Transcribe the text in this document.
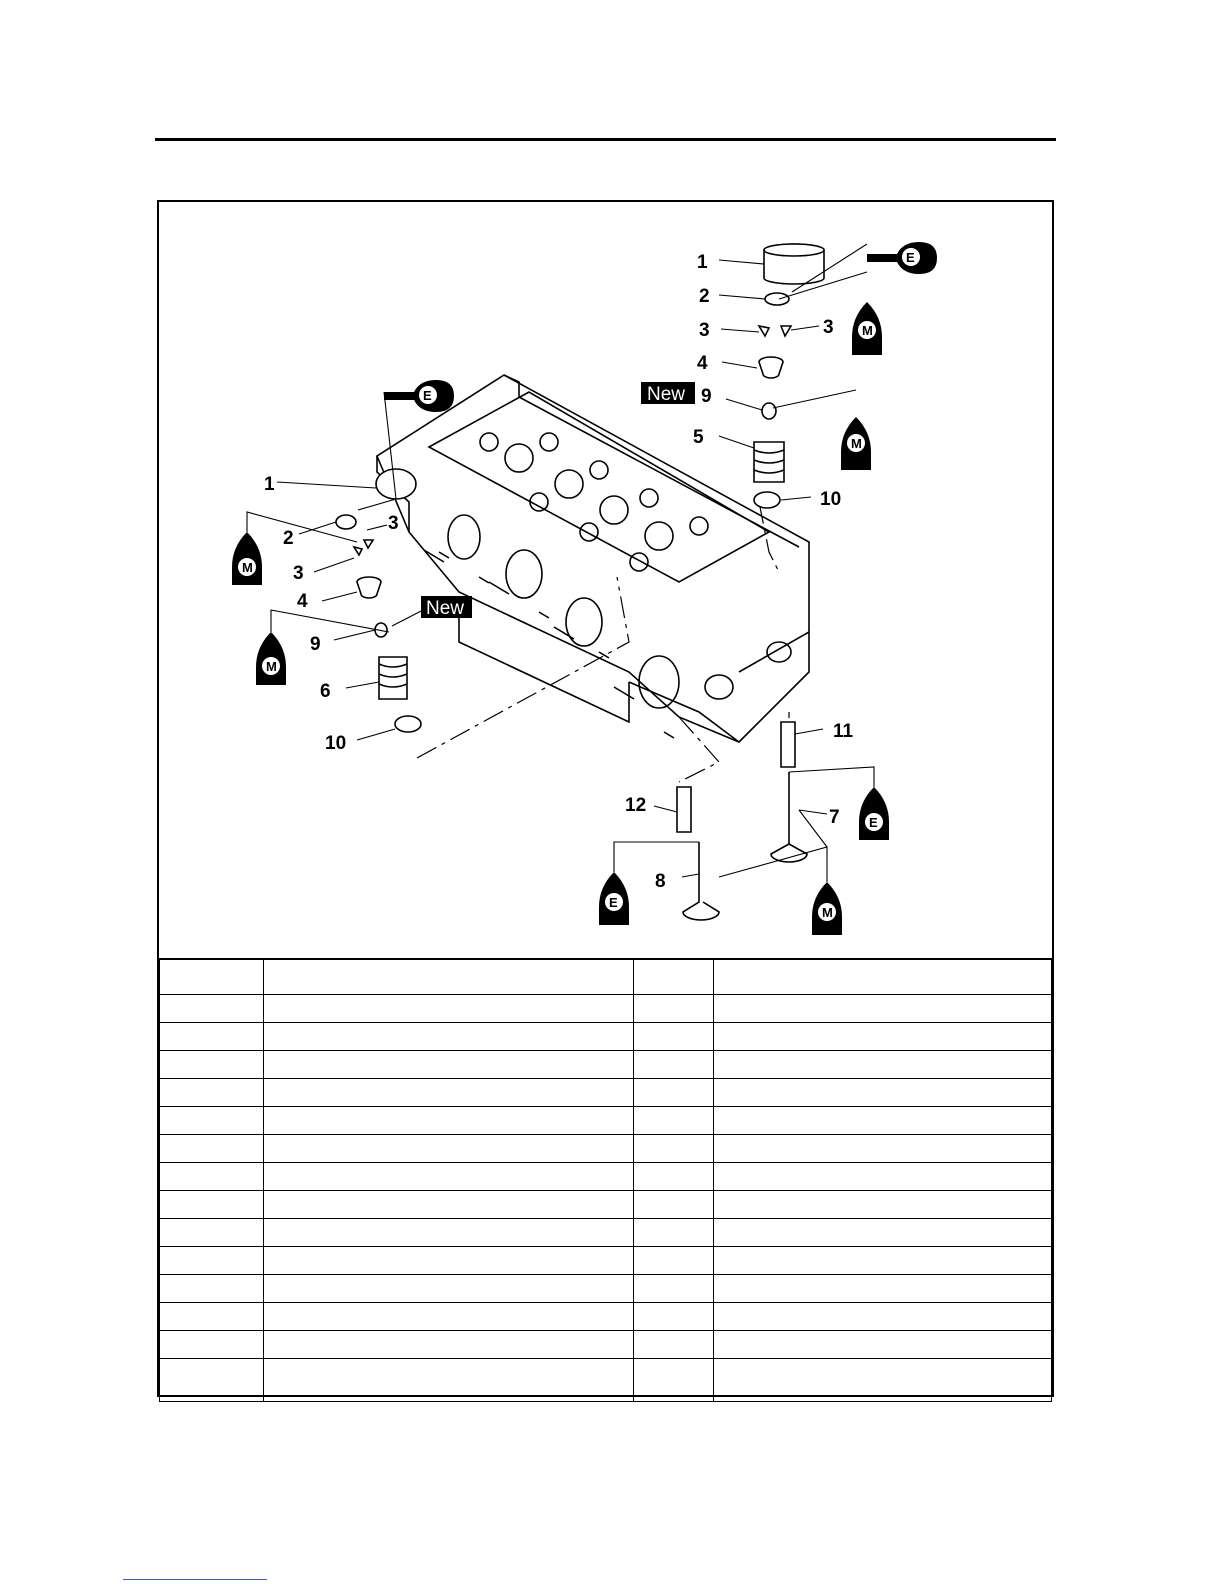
E
E
E
E
M
M
M
M
M
New
New
1
2
3	3
4
9
5
10
1
2
3
3
4
9
6
10
11
12
7
8
